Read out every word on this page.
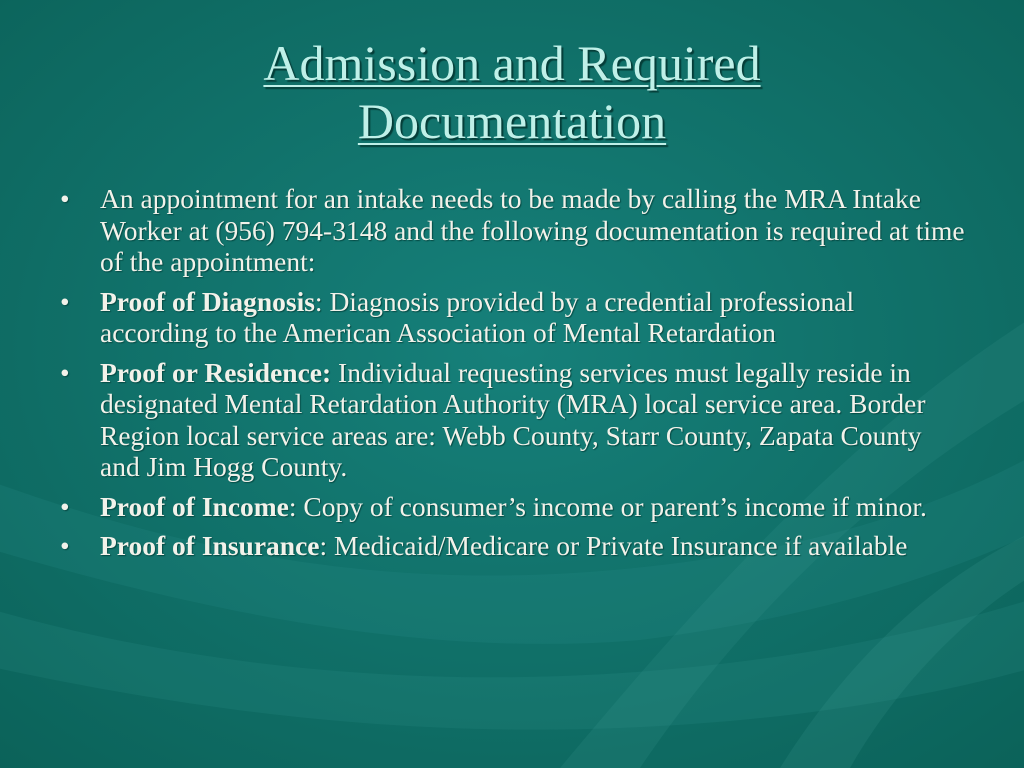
Admission and Required
Documentation
•	An appointment for an intake needs to be made by calling the MRA Intake Worker at (956) 794-3148 and the following documentation is required at time of the appointment:
•	Proof of Diagnosis: Diagnosis provided by a credential professional according to the American Association of Mental Retardation
•	Proof or Residence: Individual requesting services must legally reside in designated Mental Retardation Authority (MRA) local service area. Border Region local service areas are: Webb County, Starr County, Zapata County and Jim Hogg County.
•	Proof of Income: Copy of consumer’s income or parent’s income if minor.
•	Proof of Insurance: Medicaid/Medicare or Private Insurance if available
